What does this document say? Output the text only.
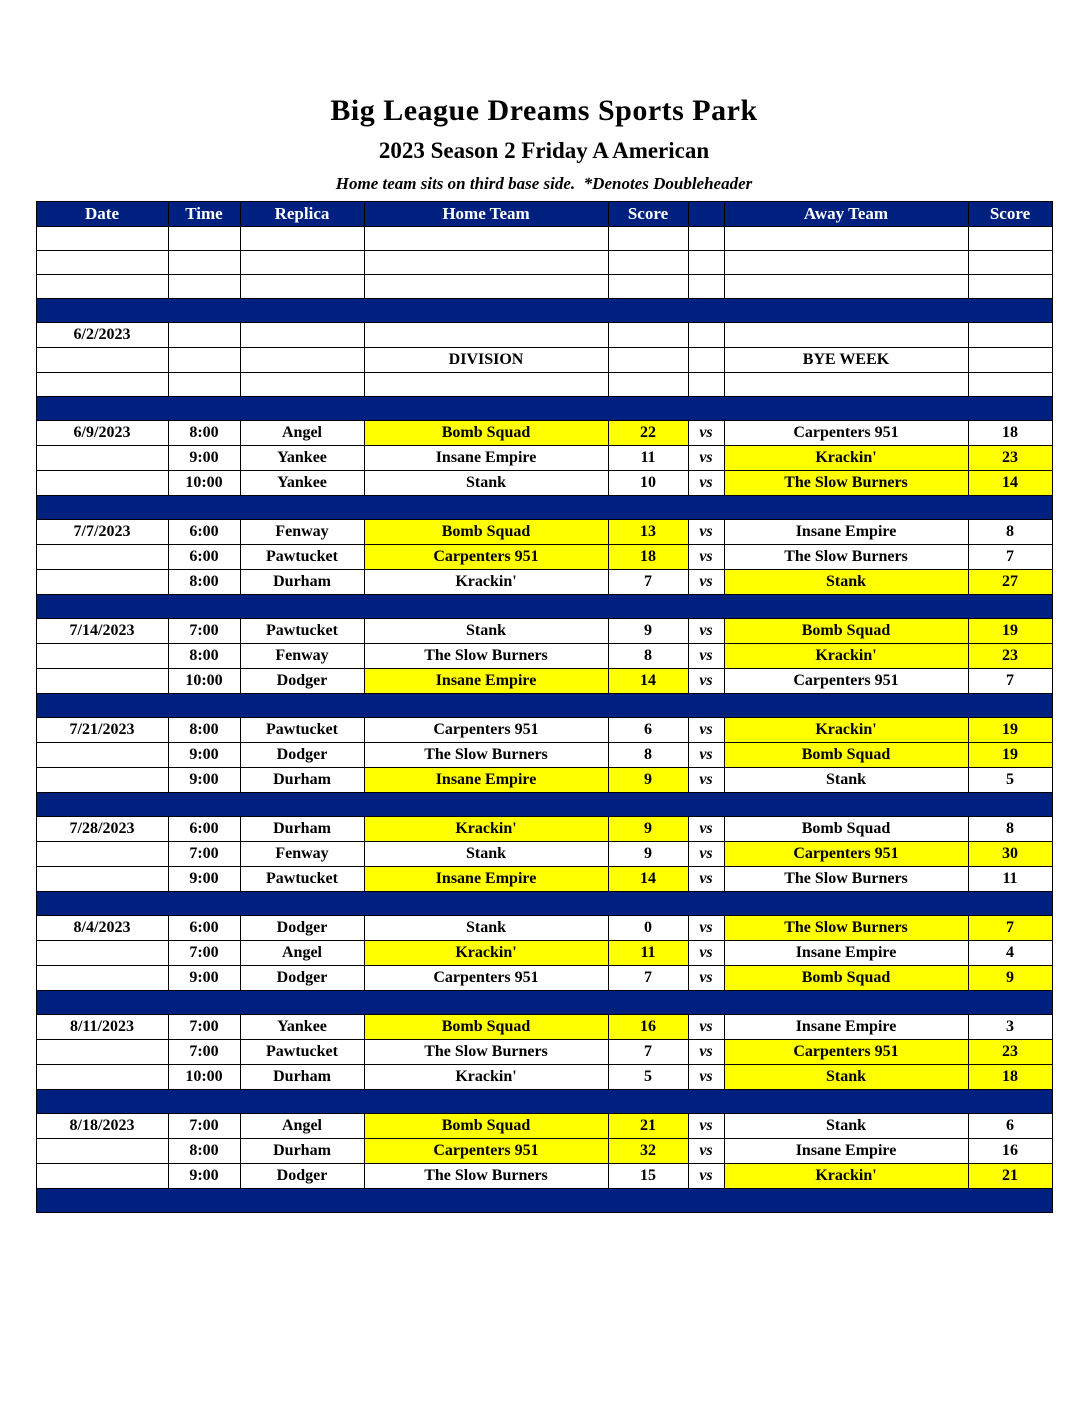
Big League Dreams Sports Park
2023 Season 2 Friday A American

Home team sits on third base side.  *Denotes Doubleheader

Date	Time	Replica	Home Team	Score		Away Team	Score

6/2/2023							
			DIVISION			BYE WEEK	

6/9/2023	8:00	Angel	Bomb Squad	22	vs	Carpenters 951	18
	9:00	Yankee	Insane Empire	11	vs	Krackin'	23
	10:00	Yankee	Stank	10	vs	The Slow Burners	14

7/7/2023	6:00	Fenway	Bomb Squad	13	vs	Insane Empire	8
	6:00	Pawtucket	Carpenters 951	18	vs	The Slow Burners	7
	8:00	Durham	Krackin'	7	vs	Stank	27

7/14/2023	7:00	Pawtucket	Stank	9	vs	Bomb Squad	19
	8:00	Fenway	The Slow Burners	8	vs	Krackin'	23
	10:00	Dodger	Insane Empire	14	vs	Carpenters 951	7

7/21/2023	8:00	Pawtucket	Carpenters 951	6	vs	Krackin'	19
	9:00	Dodger	The Slow Burners	8	vs	Bomb Squad	19
	9:00	Durham	Insane Empire	9	vs	Stank	5

7/28/2023	6:00	Durham	Krackin'	9	vs	Bomb Squad	8
	7:00	Fenway	Stank	9	vs	Carpenters 951	30
	9:00	Pawtucket	Insane Empire	14	vs	The Slow Burners	11

8/4/2023	6:00	Dodger	Stank	0	vs	The Slow Burners	7
	7:00	Angel	Krackin'	11	vs	Insane Empire	4
	9:00	Dodger	Carpenters 951	7	vs	Bomb Squad	9

8/11/2023	7:00	Yankee	Bomb Squad	16	vs	Insane Empire	3
	7:00	Pawtucket	The Slow Burners	7	vs	Carpenters 951	23
	10:00	Durham	Krackin'	5	vs	Stank	18

8/18/2023	7:00	Angel	Bomb Squad	21	vs	Stank	6
	8:00	Durham	Carpenters 951	32	vs	Insane Empire	16
	9:00	Dodger	The Slow Burners	15	vs	Krackin'	21
